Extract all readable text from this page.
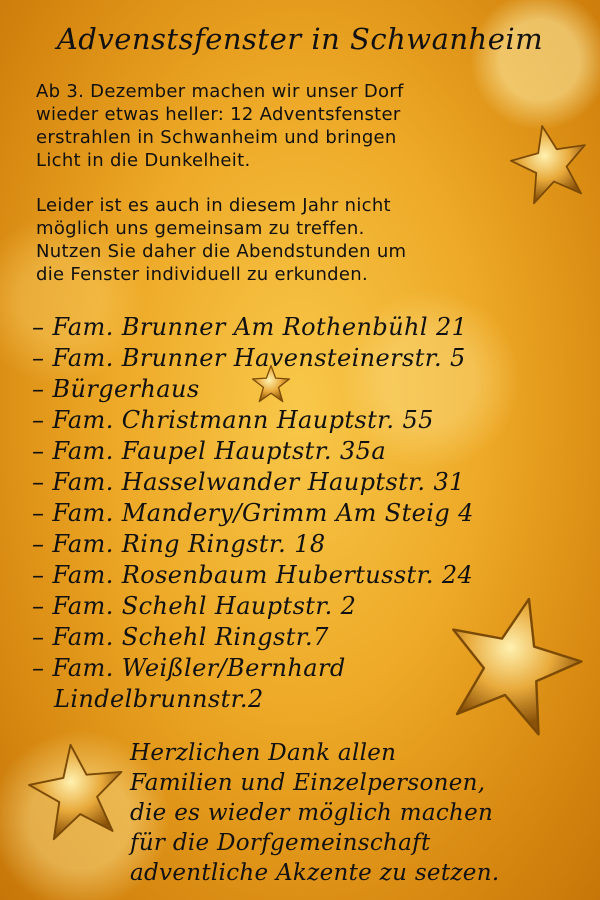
Advenstsfenster in Schwanheim

Ab 3. Dezember machen wir unser Dorf

wieder etwas heller: 12 Adventsfenster

erstrahlen in Schwanheim und bringen

Licht in die Dunkelheit.

Leider ist es auch in diesem Jahr nicht

möglich uns gemeinsam zu treffen.

Nutzen Sie daher die Abendstunden um

die Fenster individuell zu erkunden.

– Fam. Brunner Am Rothenbühl 21
– Fam. Brunner Havensteinerstr. 5
– Bürgerhaus
– Fam. Christmann Hauptstr. 55
– Fam. Faupel Hauptstr. 35a
– Fam. Hasselwander Hauptstr. 31
– Fam. Mandery/Grimm Am Steig 4
– Fam. Ring Ringstr. 18
– Fam. Rosenbaum Hubertusstr. 24
– Fam. Schehl Hauptstr. 2
– Fam. Schehl Ringstr.7
– Fam. Weißler/Bernhard
Lindelbrunnstr.2
Herzlichen Dank allen
Familien und Einzelpersonen,
die es wieder möglich machen
für die Dorfgemeinschaft
adventliche Akzente zu setzen.
